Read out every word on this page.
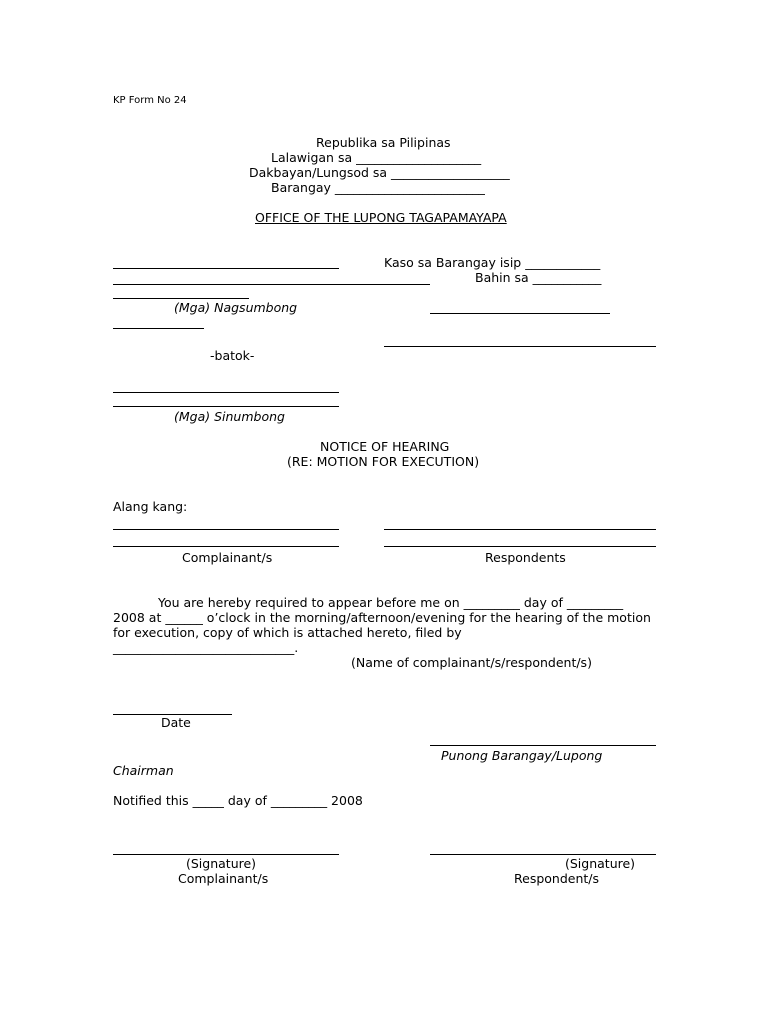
KP Form No 24
Republika sa Pilipinas
Lalawigan sa ____________________
Dakbayan/Lungsod sa ___________________
Barangay ________________________
OFFICE OF THE LUPONG TAGAPAMAYAPA
(Mga) Nagsumbong
Kaso sa Barangay isip ____________
Bahin sa ___________
-batok-
(Mga) Sinumbong
NOTICE OF HEARING
(RE: MOTION FOR EXECUTION)
Alang kang:
Complainant/s	Respondents
You are hereby required to appear before me on _________ day of _________
2008 at ______ o’clock in the morning/afternoon/evening for the hearing of the motion
for execution, copy of which is attached hereto, filed by
_____________________________.
(Name of complainant/s/respondent/s)
Date
Punong Barangay/Lupong
Chairman
Notified this _____ day of _________ 2008
(Signature)
Complainant/s
(Signature)
Respondent/s
